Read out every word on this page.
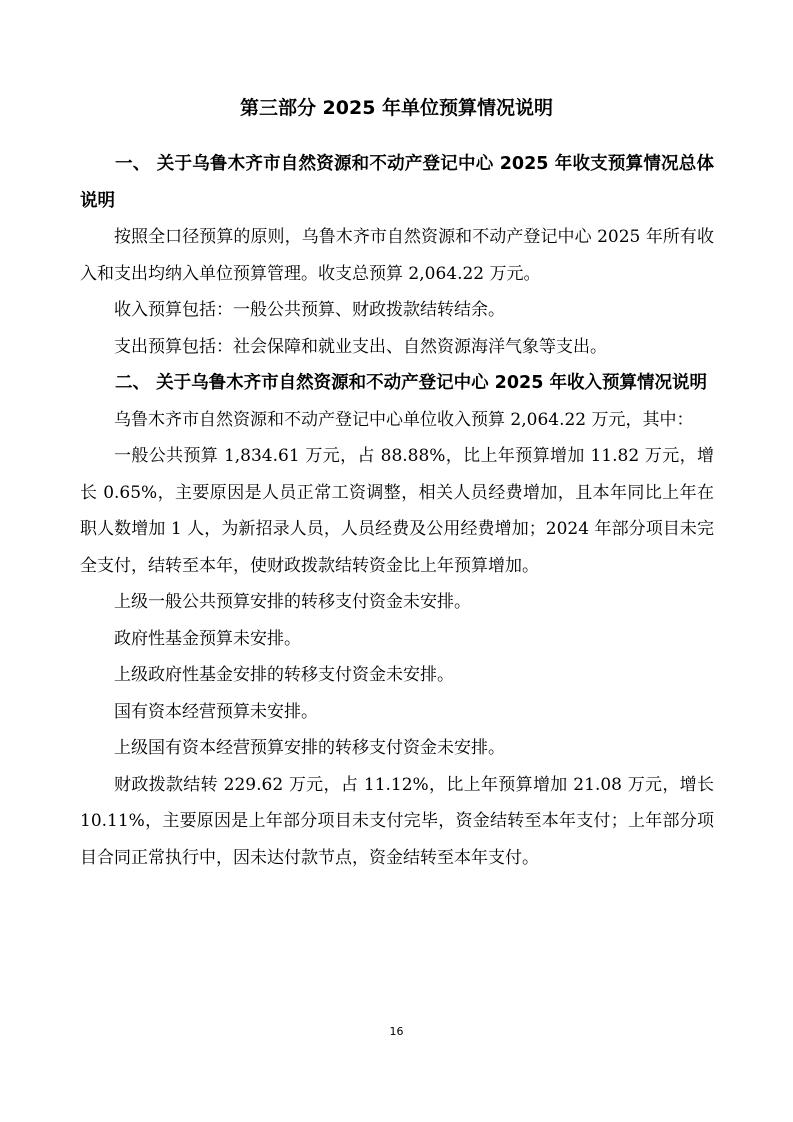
第三部分 2025 年单位预算情况说明
一、 关于乌鲁木齐市自然资源和不动产登记中心 2025 年收支预算情况总体说明
按照全口径预算的原则，乌鲁木齐市自然资源和不动产登记中心 2025 年所有收入和支出均纳入单位预算管理。收支总预算 2,064.22 万元。
收入预算包括：一般公共预算、财政拨款结转结余。
支出预算包括：社会保障和就业支出、自然资源海洋气象等支出。
二、 关于乌鲁木齐市自然资源和不动产登记中心 2025 年收入预算情况说明
乌鲁木齐市自然资源和不动产登记中心单位收入预算 2,064.22 万元，其中：
一般公共预算 1,834.61 万元，占 88.88%，比上年预算增加 11.82 万元，增长 0.65%，主要原因是人员正常工资调整，相关人员经费增加，且本年同比上年在职人数增加 1 人，为新招录人员，人员经费及公用经费增加；2024 年部分项目未完全支付，结转至本年，使财政拨款结转资金比上年预算增加。
上级一般公共预算安排的转移支付资金未安排。
政府性基金预算未安排。
上级政府性基金安排的转移支付资金未安排。
国有资本经营预算未安排。
上级国有资本经营预算安排的转移支付资金未安排。
财政拨款结转 229.62 万元，占 11.12%，比上年预算增加 21.08 万元，增长 10.11%，主要原因是上年部分项目未支付完毕，资金结转至本年支付；上年部分项目合同正常执行中，因未达付款节点，资金结转至本年支付。
16
